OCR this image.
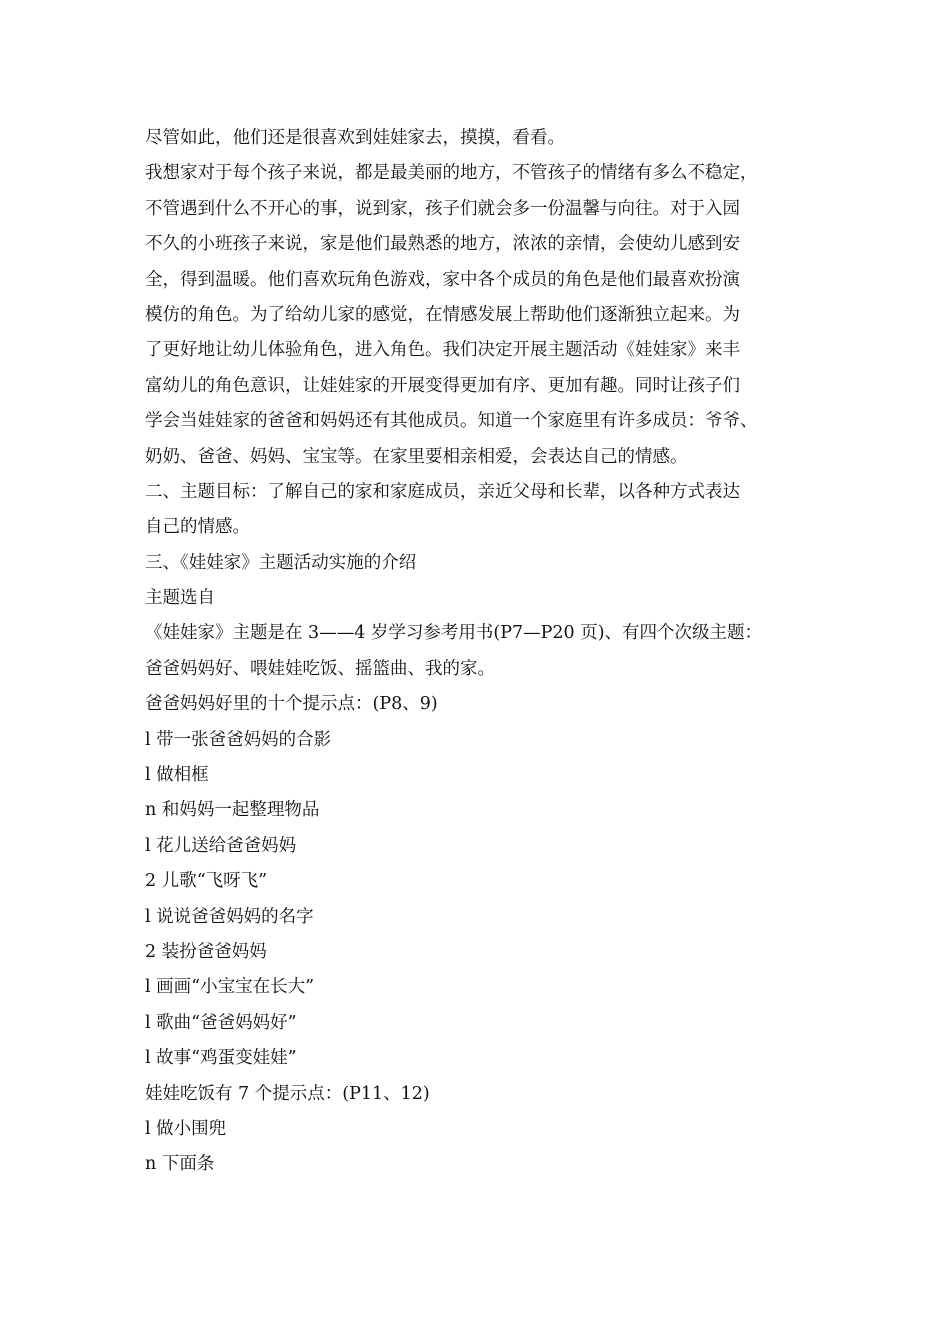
尽管如此，他们还是很喜欢到娃娃家去，摸摸，看看。
我想家对于每个孩子来说，都是最美丽的地方，不管孩子的情绪有多么不稳定，
不管遇到什么不开心的事，说到家，孩子们就会多一份温馨与向往。对于入园
不久的小班孩子来说，家是他们最熟悉的地方，浓浓的亲情，会使幼儿感到安
全，得到温暖。他们喜欢玩角色游戏，家中各个成员的角色是他们最喜欢扮演
模仿的角色。为了给幼儿家的感觉，在情感发展上帮助他们逐渐独立起来。为
了更好地让幼儿体验角色，进入角色。我们决定开展主题活动《娃娃家》来丰
富幼儿的角色意识，让娃娃家的开展变得更加有序、更加有趣。同时让孩子们
学会当娃娃家的爸爸和妈妈还有其他成员。知道一个家庭里有许多成员：爷爷、
奶奶、爸爸、妈妈、宝宝等。在家里要相亲相爱，会表达自己的情感。
二、主题目标：了解自己的家和家庭成员，亲近父母和长辈，以各种方式表达
自己的情感。
三、《娃娃家》主题活动实施的介绍
主题选自
《娃娃家》主题是在 3——4 岁学习参考用书(P7—P20 页)、有四个次级主题：
爸爸妈妈好、喂娃娃吃饭、摇篮曲、我的家。
爸爸妈妈好里的十个提示点：(P8、9)
l 带一张爸爸妈妈的合影
l 做相框
n 和妈妈一起整理物品
l 花儿送给爸爸妈妈
2 儿歌“飞呀飞”
l 说说爸爸妈妈的名字
2 装扮爸爸妈妈
l 画画“小宝宝在长大”
l 歌曲“爸爸妈妈好”
l 故事“鸡蛋变娃娃”
娃娃吃饭有 7 个提示点：(P11、12)
l 做小围兜
n 下面条
